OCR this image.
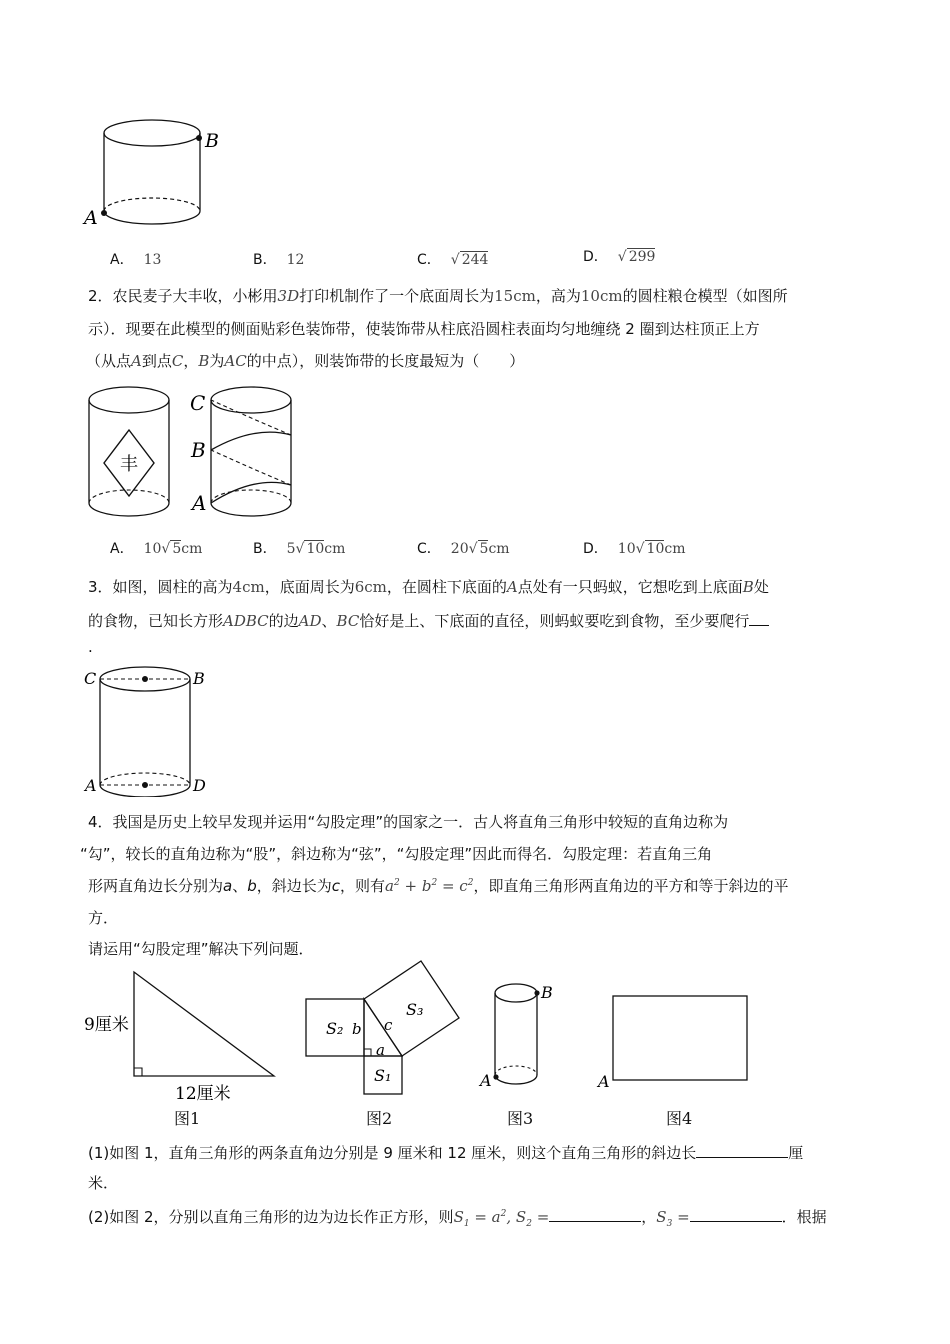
B
A
A． 13	B． 12	C． √ 244	D． √ 299
2．农民麦子大丰收，小彬用3D打印机制作了一个底面周长为15cm，高为10cm的圆柱粮仓模型（如图所
示）．现要在此模型的侧面贴彩色装饰带，使装饰带从柱底沿圆柱表面均匀地缠绕 2 圈到达柱顶正上方
（从点A到点C，B为AC的中点），则装饰带的长度最短为（　　）
丰
C
B
A
A． 10√ 5cm	B． 5√ 10cm	C． 20√ 5cm	D． 10√ 10cm
3．如图，圆柱的高为4cm，底面周长为6cm，在圆柱下底面的A点处有一只蚂蚁，它想吃到上底面B处
的食物，已知长方形ADBC的边AD、BC恰好是上、下底面的直径，则蚂蚁要吃到食物，至少要爬行
.
C	B
A	D
4．我国是历史上较早发现并运用“勾股定理”的国家之一．古人将直角三角形中较短的直角边称为
“勾”，较长的直角边称为“股”，斜边称为“弦”，“勾股定理”因此而得名．勾股定理：若直角三角
形两直角边长分别为a、b，斜边长为c，则有$a^2 + b^2 = c^2$，即直角三角形两直角边的平方和等于斜边的平
方．
请运用“勾股定理”解决下列问题．
9厘米
12厘米
图1
S₂ b c
a
S₃
S₁
图2
B
A
图3
A
图4
(1)如图 1，直角三角形的两条直角边分别是 9 厘米和 12 厘米，则这个直角三角形的斜边长	厘
米．
(2)如图 2，分别以直角三角形的边为边长作正方形，则$S_1 = a^2$, $S_2$ =	，$S_3$ =	．根据
